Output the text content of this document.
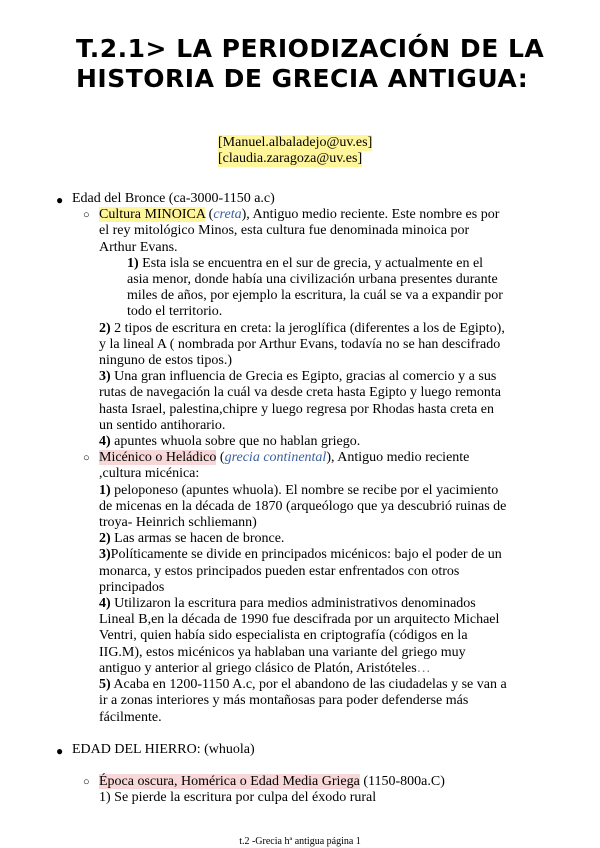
T.2.1> LA PERIODIZACIÓN DE LA
HISTORIA DE GRECIA ANTIGUA:
[Manuel.albaladejo@uv.es]
[claudia.zaragoza@uv.es]
● Edad del Bronce (ca-3000-1150 a.c)
○ Cultura MINOICA (creta), Antiguo medio reciente. Este nombre es por el rey mitológico Minos, esta cultura fue denominada minoica por Arthur Evans.
1) Esta isla se encuentra en el sur de grecia, y actualmente en el asia menor, donde había una civilización urbana presentes durante miles de años, por ejemplo la escritura, la cuál se va a expandir por todo el territorio.
2) 2 tipos de escritura en creta: la jeroglífica (diferentes a los de Egipto), y la lineal A ( nombrada por Arthur Evans, todavía no se han descifrado ninguno de estos tipos.)
3) Una gran influencia de Grecia es Egipto, gracias al comercio y a sus rutas de navegación la cuál va desde creta hasta Egipto y luego remonta hasta Israel, palestina,chipre y luego regresa por Rhodas hasta creta en un sentido antihorario.
4) apuntes whuola sobre que no hablan griego.
○ Micénico o Heládico (grecia continental), Antiguo medio reciente ,cultura micénica:
1) peloponeso (apuntes whuola). El nombre se recibe por el yacimiento de micenas en la década de 1870 (arqueólogo que ya descubrió ruinas de troya- Heinrich schliemann)
2) Las armas se hacen de bronce.
3)Políticamente se divide en principados micénicos: bajo el poder de un monarca, y estos principados pueden estar enfrentados con otros principados
4) Utilizaron la escritura para medios administrativos denominados Lineal B,en la década de 1990 fue descifrada por un arquitecto Michael Ventri, quien había sido especialista en criptografía (códigos en la IIG.M), estos micénicos ya hablaban una variante del griego muy antiguo y anterior al griego clásico de Platón, Aristóteles…
5) Acaba en 1200-1150 A.c, por el abandono de las ciudadelas y se van a ir a zonas interiores y más montañosas para poder defenderse más fácilmente.
● EDAD DEL HIERRO: (whuola)
○ Época oscura, Homérica o Edad Media Griega (1150-800a.C)
1) Se pierde la escritura por culpa del éxodo rural
t.2 -Grecia hª antigua página 1
